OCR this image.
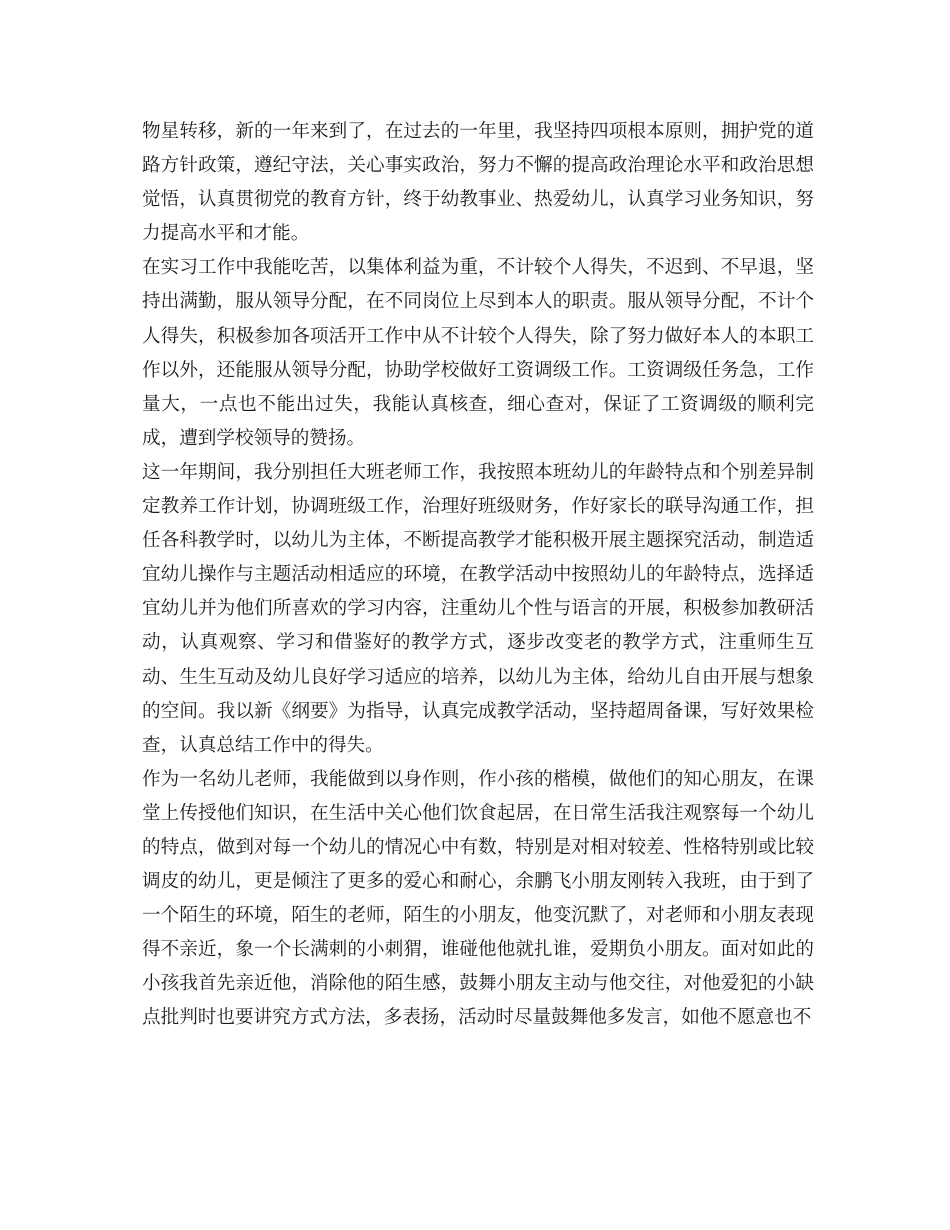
物星转移，新的一年来到了，在过去的一年里，我坚持四项根本原则，拥护党的道路方针政策，遵纪守法，关心事实政治，努力不懈的提高政治理论水平和政治思想觉悟，认真贯彻党的教育方针，终于幼教事业、热爱幼儿，认真学习业务知识，努力提高水平和才能。

在实习工作中我能吃苦，以集体利益为重，不计较个人得失，不迟到、不早退，坚持出满勤，服从领导分配，在不同岗位上尽到本人的职责。服从领导分配，不计个人得失，积极参加各项活开工作中从不计较个人得失，除了努力做好本人的本职工作以外，还能服从领导分配，协助学校做好工资调级工作。工资调级任务急，工作量大，一点也不能出过失，我能认真核查，细心查对，保证了工资调级的顺利完成，遭到学校领导的赞扬。

这一年期间，我分别担任大班老师工作，我按照本班幼儿的年龄特点和个别差异制定教养工作计划，协调班级工作，治理好班级财务，作好家长的联导沟通工作，担任各科教学时，以幼儿为主体，不断提高教学才能积极开展主题探究活动，制造适宜幼儿操作与主题活动相适应的环境，在教学活动中按照幼儿的年龄特点，选择适宜幼儿并为他们所喜欢的学习内容，注重幼儿个性与语言的开展，积极参加教研活动，认真观察、学习和借鉴好的教学方式，逐步改变老的教学方式，注重师生互动、生生互动及幼儿良好学习适应的培养，以幼儿为主体，给幼儿自由开展与想象的空间。我以新《纲要》为指导，认真完成教学活动，坚持超周备课，写好效果检查，认真总结工作中的得失。

作为一名幼儿老师，我能做到以身作则，作小孩的楷模，做他们的知心朋友，在课堂上传授他们知识，在生活中关心他们饮食起居，在日常生活我注观察每一个幼儿的特点，做到对每一个幼儿的情况心中有数，特别是对相对较差、性格特别或比较调皮的幼儿，更是倾注了更多的爱心和耐心，余鹏飞小朋友刚转入我班，由于到了一个陌生的环境，陌生的老师，陌生的小朋友，他变沉默了，对老师和小朋友表现得不亲近，象一个长满刺的小刺猬，谁碰他他就扎谁，爱期负小朋友。面对如此的小孩我首先亲近他，消除他的陌生感，鼓舞小朋友主动与他交往，对他爱犯的小缺点批判时也要讲究方式方法，多表扬，活动时尽量鼓舞他多发言，如他不愿意也不
